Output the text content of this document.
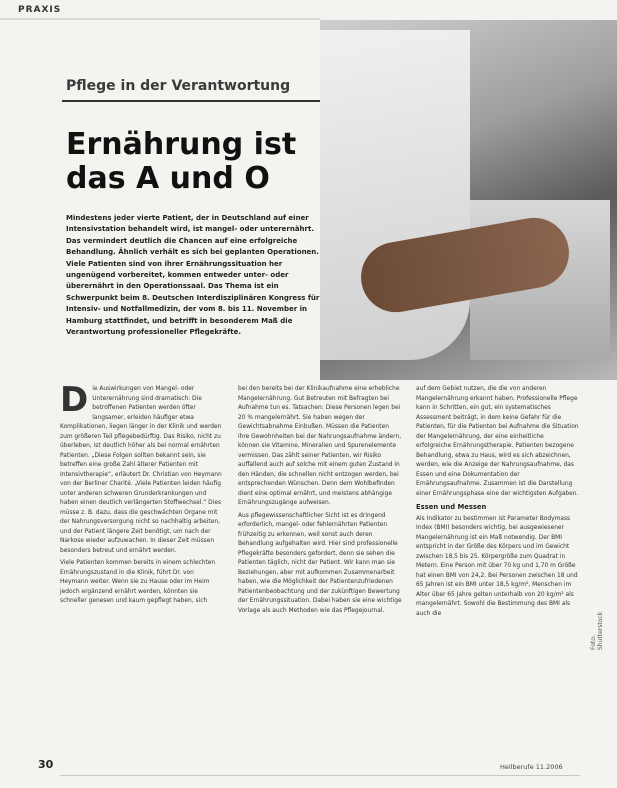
PRAXIS
Pflege in der Verantwortung
Ernährung ist das A und O
Mindestens jeder vierte Patient, der in Deutschland auf einer Intensivstation behandelt wird, ist mangel- oder unterernährt. Das vermindert deutlich die Chancen auf eine erfolgreiche Behandlung. Ähnlich verhält es sich bei geplanten Operationen. Viele Patienten sind von ihrer Ernährungssituation her ungenügend vorbereitet, kommen entweder unter- oder überernährt in den Operationssaal. Das Thema ist ein Schwerpunkt beim 8. Deutschen Interdisziplinären Kongress für Intensiv- und Notfallmedizin, der vom 8. bis 11. November in Hamburg stattfindet, und betrifft in besonderem Maß die Verantwortung professioneller Pflegekräfte.

Die Auswirkungen von Mangel- oder Unterernährung sind dramatisch: Die betroffenen Patienten werden öfter langsamer, erleiden häufiger etwa Komplikationen, liegen länger in der Klinik und werden zum größeren Teil pflegebedürftig. Das Risiko, nicht zu überleben, ist deutlich höher als bei normal ernährten Patienten. „Diese Folgen sollten bekannt sein, sie betreffen eine große Zahl älterer Patienten mit Intensivtherapie“, erläutert Dr. Christian von Heymann von der Berliner Charité. „Viele Patienten leiden häufig unter anderen schweren Grunderkrankungen und haben einen deutlich verlängerten Stoffwechsel.“ Dies müsse z. B. dazu, dass die geschwächten Organe mit der Nahrungsversorgung nicht so nachhaltig arbeiten, und der Patient längere Zeit benötigt, um nach der Narkose wieder aufzuwachen. In dieser Zeit müssen besonders betreut und ernährt werden.

Viele Patienten kommen bereits in einem schlechten Ernährungszustand in die Klinik, führt Dr. von Heymann weiter. Wenn sie zu Hause oder im Heim jedoch ergänzend ernährt werden, könnten sie schneller genesen und kaum gepflegt haben, sich

bei den bereits bei der Klinikaufnahme eine erhebliche Mangelernährung. Gut Betreuten mit Befragten bei Aufnahme tun es. Tatsachen: Diese Personen legen bei 20 % mangelernährt. Sie haben wegen der Gewichtsabnahme Einbußen. Müssen die Patienten ihre Gewohnheiten bei der Nahrungsaufnahme ändern, können sie Vitamine, Mineralien und Spurenelemente vermissen. Das zählt seiner Patienten, wir Risiko auffallend auch auf solche mit einem guten Zustand in den Händen, die schnellen nicht entzogen werden, bei entsprechenden Wünschen. Denn dem Wohlbefinden dient eine optimal ernährt, und meistens abhängige Ernährungszugänge aufweisen.

Aus pflegewissenschaftlicher Sicht ist es dringend erforderlich, mangel- oder fehlernährten Patienten frühzeitig zu erkennen, weil sonst auch deren Behandlung aufgehalten wird. Hier sind professionelle Pflegekräfte besonders gefordert, denn sie sehen die Patienten täglich, nicht der Patient. Wir kann man sie Beziehungen, aber mit aufkommen Zusammenarbeit haben, wie die Möglichkeit der Patientenzufriedenen Patientenbeobachtung und der zukünftigen Bewertung der Ernährungssituation. Dabei haben sie eine wichtige Vorlage als auch Methoden wie das Pflegejournal.

auf dem Gebiet nutzen, die die von anderen Mangelernährung erkannt haben. Professionelle Pflege kann in Schritten, ein gut, ein systematisches Assessment beiträgt, in dem keine Gefahr für die Patienten, für die Patienten bei Aufnahme die Situation der Mangelernährung, der eine einheitliche erfolgreiche Ernährungstherapie. Patienten bezogene Behandlung, etwa zu Haus, wird es sich abzeichnen, werden, wie die Anzeige der Nahrungsaufnahme, das Essen und eine Dokumentation der Ernährungsaufnahme. Zusammen ist die Darstellung einer Ernährungsphase eine der wichtigsten Aufgaben.

Essen und Messen

Als Indikator zu bestimmen ist Parameter Bodymass Index (BMI) besonders wichtig, bei ausgewiesener Mangelernährung ist ein Maß notwendig. Der BMI entspricht in der Größe des Körpers und im Gewicht zwischen 18,5 bis 25. Körpergröße zum Quadrat in Metern. Eine Person mit über 70 kg und 1,70 m Größe hat einen BMI von 24,2. Bei Personen zwischen 18 und 65 Jahren ist ein BMI unter 18,5 kg/m², Menschen im Alter über 65 Jahre gelten unterhalb von 20 kg/m² als mangelernährt. Sowohl die Bestimmung des BMI als auch die

Foto: Shutterstock
30	Heilberufe 11.2006
